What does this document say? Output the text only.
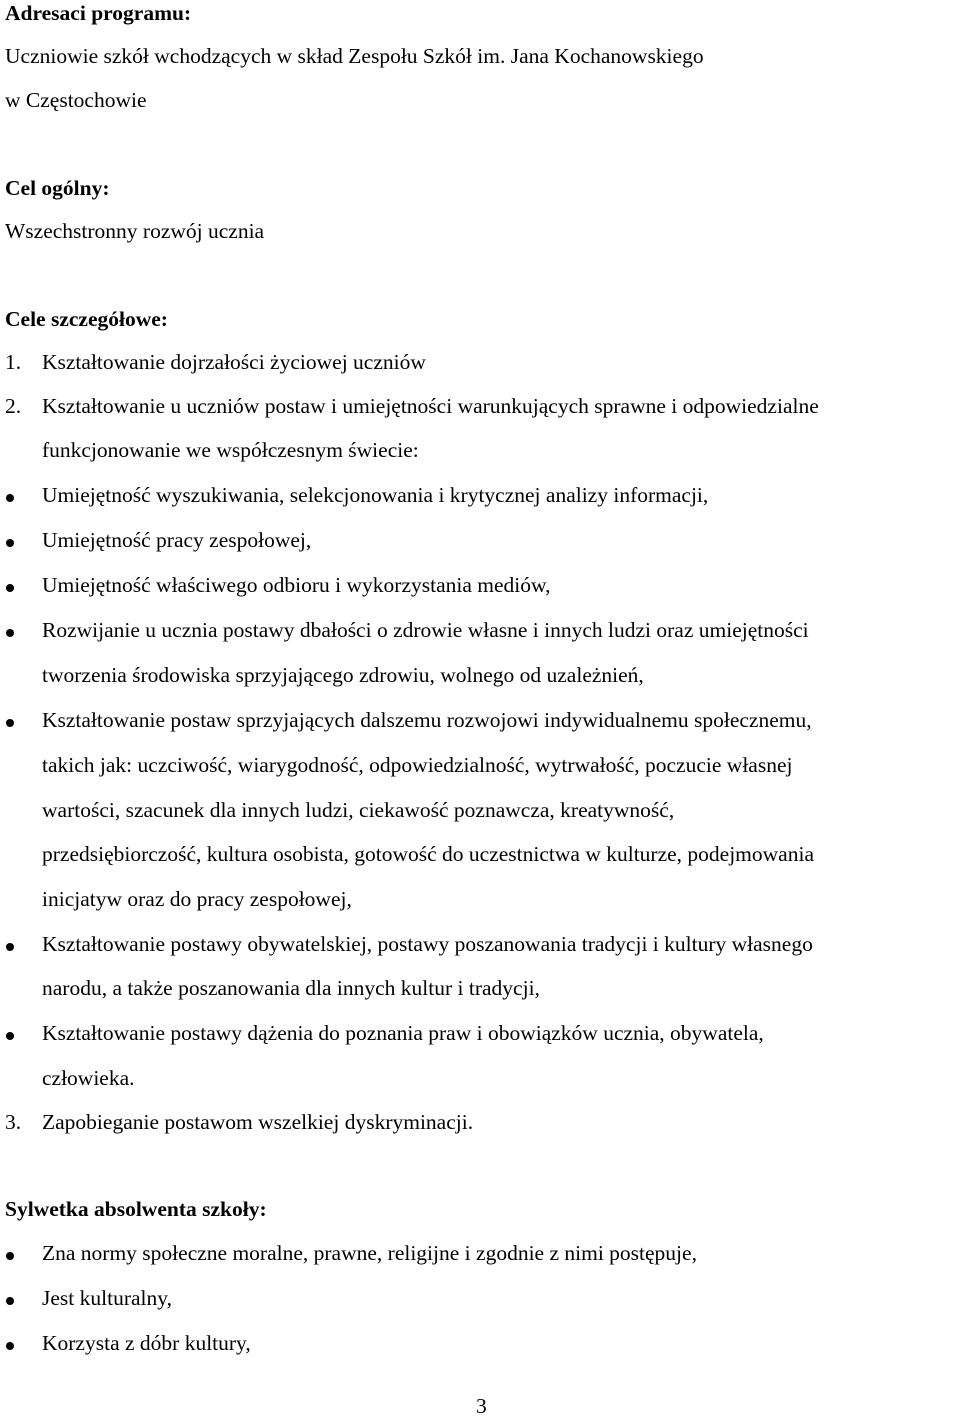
Adresaci programu:
Uczniowie szkół wchodzących w skład Zespołu Szkół im. Jana Kochanowskiego
w Częstochowie
Cel ogólny:
Wszechstronny rozwój ucznia
Cele szczegółowe:
1. Kształtowanie dojrzałości życiowej uczniów
2. Kształtowanie u uczniów postaw i umiejętności warunkujących sprawne i odpowiedzialne
funkcjonowanie we współczesnym świecie:
Umiejętność wyszukiwania, selekcjonowania i krytycznej analizy informacji,
Umiejętność pracy zespołowej,
Umiejętność właściwego odbioru i wykorzystania mediów,
Rozwijanie u ucznia postawy dbałości o zdrowie własne i innych ludzi oraz umiejętności
tworzenia środowiska sprzyjającego zdrowiu, wolnego od uzależnień,
Kształtowanie postaw sprzyjających dalszemu rozwojowi indywidualnemu społecznemu,
takich jak: uczciwość, wiarygodność, odpowiedzialność, wytrwałość, poczucie własnej
wartości, szacunek dla innych ludzi, ciekawość poznawcza, kreatywność,
przedsiębiorczość, kultura osobista, gotowość do uczestnictwa w kulturze, podejmowania
inicjatyw oraz do pracy zespołowej,
Kształtowanie postawy obywatelskiej, postawy poszanowania tradycji i kultury własnego
narodu, a także poszanowania dla innych kultur i tradycji,
Kształtowanie postawy dążenia do poznania praw i obowiązków ucznia, obywatela,
człowieka.
3. Zapobieganie postawom wszelkiej dyskryminacji.
Sylwetka absolwenta szkoły:
Zna normy społeczne moralne, prawne, religijne i zgodnie z nimi postępuje,
Jest kulturalny,
Korzysta z dóbr kultury,
3
